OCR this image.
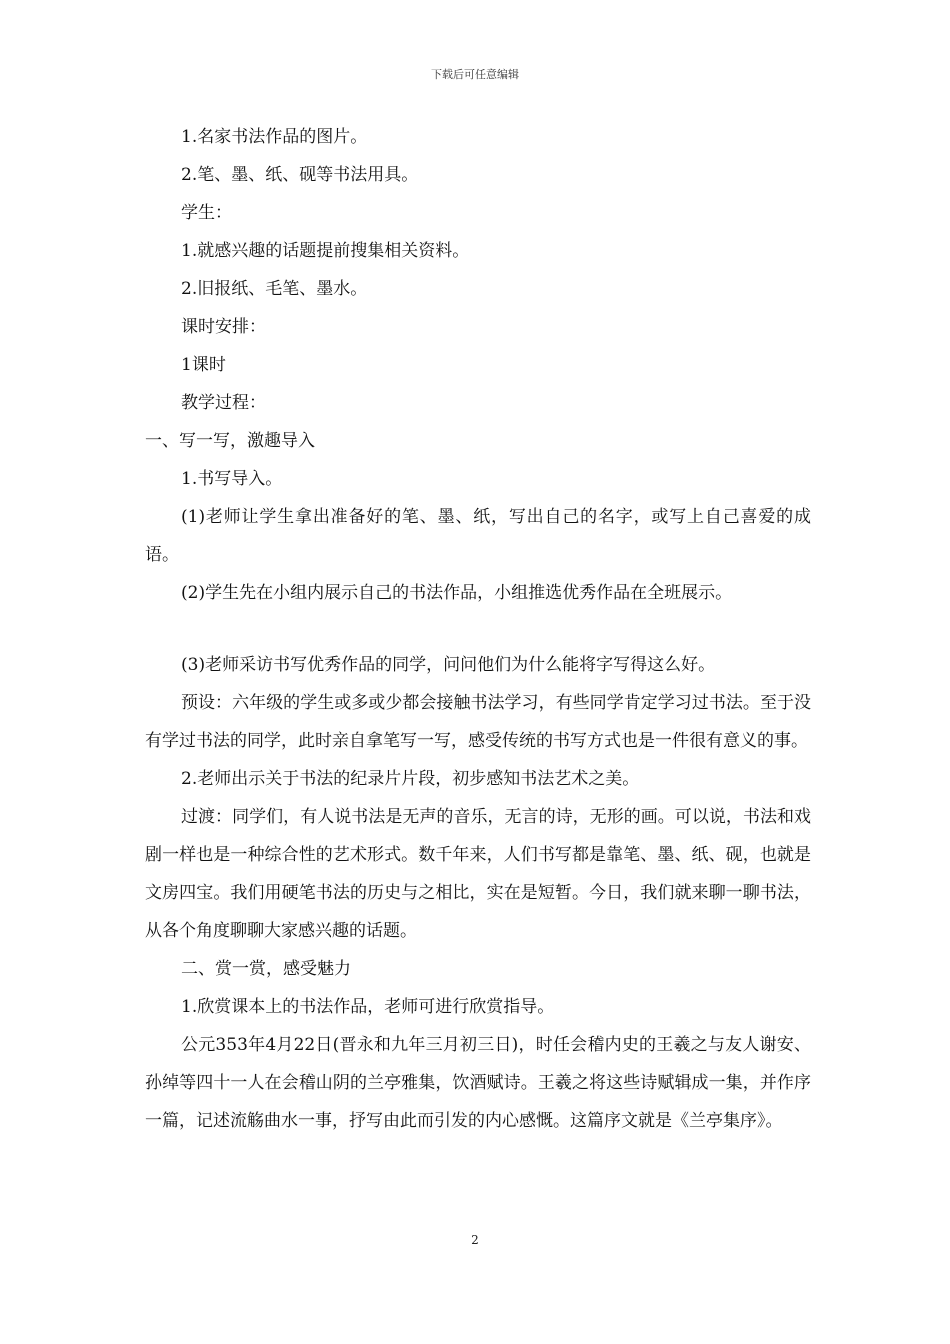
下载后可任意编辑

1.名家书法作品的图片。

2.笔、墨、纸、砚等书法用具。

学生：

1.就感兴趣的话题提前搜集相关资料。

2.旧报纸、毛笔、墨水。

课时安排：

1课时

教学过程：

一、写一写，激趣导入

1.书写导入。

(1)老师让学生拿出准备好的笔、墨、纸，写出自己的名字，或写上自己喜爱的成语。

(2)学生先在小组内展示自己的书法作品，小组推选优秀作品在全班展示。

(3)老师采访书写优秀作品的同学，问问他们为什么能将字写得这么好。

预设：六年级的学生或多或少都会接触书法学习，有些同学肯定学习过书法。至于没有学过书法的同学，此时亲自拿笔写一写，感受传统的书写方式也是一件很有意义的事。

2.老师出示关于书法的纪录片片段，初步感知书法艺术之美。

过渡：同学们，有人说书法是无声的音乐，无言的诗，无形的画。可以说，书法和戏剧一样也是一种综合性的艺术形式。数千年来，人们书写都是靠笔、墨、纸、砚，也就是文房四宝。我们用硬笔书法的历史与之相比，实在是短暂。今日，我们就来聊一聊书法，从各个角度聊聊大家感兴趣的话题。

二、赏一赏，感受魅力

1.欣赏课本上的书法作品，老师可进行欣赏指导。

公元353年4月22日(晋永和九年三月初三日)，时任会稽内史的王羲之与友人谢安、孙绰等四十一人在会稽山阴的兰亭雅集，饮酒赋诗。王羲之将这些诗赋辑成一集，并作序一篇，记述流觞曲水一事，抒写由此而引发的内心感慨。这篇序文就是《兰亭集序》。

2
